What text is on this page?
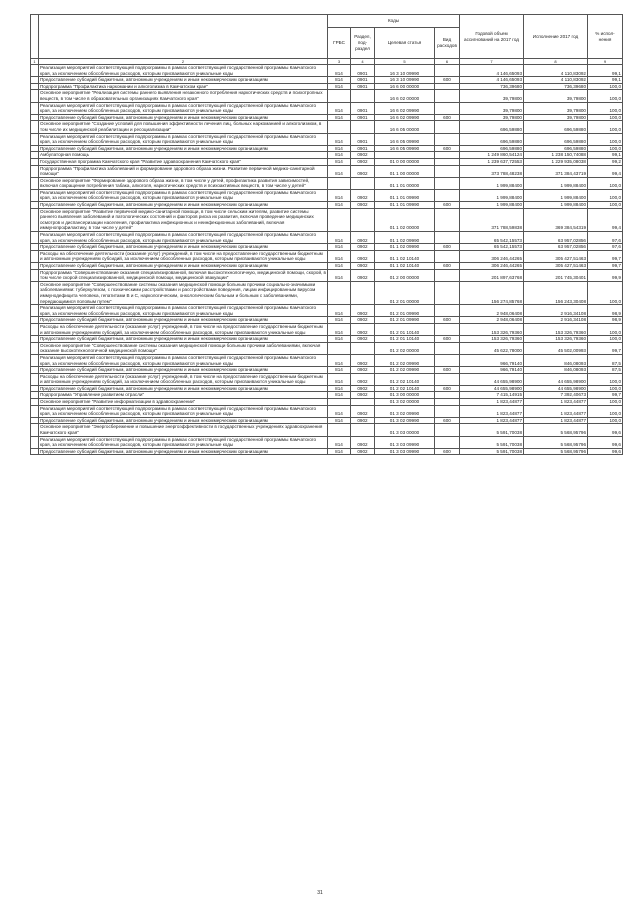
		Коды				Годовой объем ассигнований на 2017 год	Исполнение 2017 год	% испол-нения
		ГРБС	Раздел, под-раздел	Целевая статья	Вид расходов			
1	2	3	4	5	6	7	8	9
	Реализация мероприятий соответствующей подпрограммы в рамках соответствующей государственной программы Камчатского края, за исключением обособленных расходов, которым присваиваются уникальные коды	814	0901	16 3 10 09990		4 146,65093	4 110,83092	99,1
	Предоставление субсидий бюджетным, автономным учреждениям и иным некоммерческим организациям	814	0901	16 3 10 09990	600	4 146,65093	4 110,83092	99,1
	Подпрограмма "Профилактика наркомании и алкоголизма в Камчатском крае"	814	0901	16 6 00 00000		736,39680	736,39680	100,0
	Основное мероприятие "Реализация системы раннего выявления незаконного потребления наркотических средств и психотропных веществ, в том числе в образовательных организациях Камчатского края"			16 6 02 00000		39,79800	39,79800	100,0
	Реализация мероприятий соответствующей подпрограммы в рамках соответствующей государственной программы Камчатского края, за исключением обособленных расходов, которым присваиваются уникальные коды	814	0901	16 6 02 09990		39,79800	39,79800	100,0
	Предоставление субсидий бюджетным, автономным учреждениям и иным некоммерческим организациям	814	0901	16 6 02 09990	600	39,79800	39,79800	100,0
	Основное мероприятие "Создание условий для повышения эффективности лечения лиц, больных наркоманией и алкоголизмом, в том числе их медицинской реабилитации и ресоциализации"			16 6 05 00000		696,59880	696,59880	100,0
	Реализация мероприятий соответствующей подпрограммы в рамках соответствующей государственной программы Камчатского края, за исключением обособленных расходов, которым присваиваются уникальные коды	814	0901	16 6 05 09990		696,59880	696,59880	100,0
	Предоставление субсидий бюджетным, автономным учреждениям и иным некоммерческим организациям	814	0901	16 6 05 09990	600	696,59880	696,59880	100,0
	Амбулаторная помощь	814	0902			1 249 860,54124	1 238 150,74088	99,1
	Государственная программа Камчатского края "Развитие здравоохранения Камчатского края"	814	0902	01 0 00 00000		1 239 637,72553	1 229 935,08038	99,2
	Подпрограмма "Профилактика заболеваний и формирование здорового образа жизни. Развитие первичной медико-санитарной помощи"	814	0902	01 1 00 00000		373 788,48238	371 384,43719	99,4
	Основное мероприятие "Формирование здорового образа жизни, в том числе у детей, профилактика развития зависимостей, включая сокращение потребления табака, алкоголя, наркотических средств и психоактивных веществ, в том числе у детей"			01 1 01 00000		1 999,88400	1 999,88400	100,0
	Реализация мероприятий соответствующей подпрограммы в рамках соответствующей государственной программы Камчатского края, за исключением обособленных расходов, которым присваиваются уникальные коды	814	0902	01 1 01 09990		1 999,88400	1 999,88400	100,0
	Предоставление субсидий бюджетным, автономным учреждениям и иным некоммерческим организациям	814	0902	01 1 01 09990	600	1 999,88400	1 999,88400	100,0
	Основное мероприятие "Развитие первичной медико-санитарной помощи, в том числе сельским жителям, развитие системы раннего выявления заболеваний и патологических состояний и факторов риска их развития, включая проведение медицинских осмотров и диспансеризации населения, профилактика инфекционных и неинфекционных заболеваний, включая иммунопрофилактику, в том числе у детей"			01 1 02 00000		371 788,59838	369 384,54319	99,4
	Реализация мероприятий соответствующей подпрограммы в рамках соответствующей государственной программы Камчатского края, за исключением обособленных расходов, которым присваиваются уникальные коды	814	0902	01 1 02 09990		65 542,15573	63 957,02856	97,6
	Предоставление субсидий бюджетным, автономным учреждениям и иным некоммерческим организациям	814	0902	01 1 02 09990	600	65 542,15573	63 957,02856	97,6
	Расходы на обеспечение деятельности (оказание услуг) учреждений, в том числе на предоставление государственным бюджетным и автономным учреждениям субсидий, за исключением обособленных расходов, которым присваиваются уникальные коды	814	0902	01 1 02 10140		306 246,44265	305 427,51463	99,7
	Предоставление субсидий бюджетным, автономным учреждениям и иным некоммерческим организациям	814	0902	01 1 02 10140	600	306 246,44265	305 427,51463	99,7
	Подпрограмма "Совершенствование оказания специализированной, включая высокотехнологичную, медицинской помощи, скорой, в том числе скорой специализированной, медицинской помощи, медицинской эвакуации"	814	0902	01 2 00 00000		201 897,63768	201 745,30401	99,9
	Основное мероприятие "Совершенствование системы оказания медицинской помощи больным прочими социально-значимыми заболеваниями: туберкулезом, с психическими расстройствами и расстройствами поведения, лицам инфицированным вирусом иммунодефицита человека, гепатитами В и С, наркологическим, онкологическим больным и больным с заболеваниями, передающимися половым путем"			01 2 01 00000		156 274,85768	156 243,30408	100,0
	Реализация мероприятий соответствующей подпрограммы в рамках соответствующей государственной программы Камчатского края, за исключением обособленных расходов, которым присваиваются уникальные коды	814	0902	01 2 01 09990		2 948,06408	2 916,34108	98,9
	Предоставление субсидий бюджетным, автономным учреждениям и иным некоммерческим организациям	814	0902	01 2 01 09990	600	2 948,06408	2 916,34108	98,9
	Расходы на обеспечение деятельности (оказание услуг) учреждений, в том числе на предоставление государственным бюджетным и автономным учреждениям субсидий, за исключением обособленных расходов, которым присваиваются уникальные коды	814	0902	01 2 01 10140		153 326,79360	153 326,79360	100,0
	Предоставление субсидий бюджетным, автономным учреждениям и иным некоммерческим организациям	814	0902	01 2 01 10140	600	153 326,79360	153 326,79360	100,0
	Основное мероприятие "Совершенствование системы оказания медицинской помощи больным прочими заболеваниями, включая оказание высокотехнологичной медицинской помощи"			01 2 02 00000		45 622,78000	45 502,00993	99,7
	Реализация мероприятий соответствующей подпрограммы в рамках соответствующей государственной программы Камчатского края, за исключением обособленных расходов, которым присваиваются уникальные коды	814	0902	01 2 02 09990		966,79140	846,08093	87,5
	Предоставление субсидий бюджетным, автономным учреждениям и иным некоммерческим организациям	814	0902	01 2 02 09990	600	966,79140	846,08093	87,5
	Расходы на обеспечение деятельности (оказание услуг) учреждений, в том числе на предоставление государственным бюджетным и автономным учреждениям субсидий, за исключением обособленных расходов, которым присваиваются уникальные коды	814	0902	01 2 02 10140		44 655,98900	44 655,98900	100,0
	Предоставление субсидий бюджетным, автономным учреждениям и иным некоммерческим организациям	814	0902	01 2 02 10140	600	44 655,98900	44 655,98900	100,0
	Подпрограмма "Управление развитием отрасли"	814	0902	01 3 00 00000		7 415,14915	7 392,40673	99,7
	Основное мероприятие "Развитие информатизации в здравоохранении"			01 3 02 00000		1 823,44877	1 823,44877	100,0
	Реализация мероприятий соответствующей подпрограммы в рамках соответствующей государственной программы Камчатского края, за исключением обособленных расходов, которым присваиваются уникальные коды	814	0902	01 3 02 09990		1 823,44877	1 823,44877	100,0
	Предоставление субсидий бюджетным, автономным учреждениям и иным некоммерческим организациям	814	0902	01 3 02 09990	600	1 823,44877	1 823,44877	100,0
	Основное мероприятие "Энергосбережение и повышение энергоэффективности в государственных учреждениях здравоохранения Камчатского края"			01 3 03 00000		5 591,70038	5 568,95796	99,6
	Реализация мероприятий соответствующей подпрограммы в рамках соответствующей государственной программы Камчатского края, за исключением обособленных расходов, которым присваиваются уникальные коды	814	0902	01 3 03 09990		5 591,70038	5 568,95796	99,6
	Предоставление субсидий бюджетным, автономным учреждениям и иным некоммерческим организациям	814	0902	01 3 03 09990	600	5 591,70038	5 568,95796	99,6
31
